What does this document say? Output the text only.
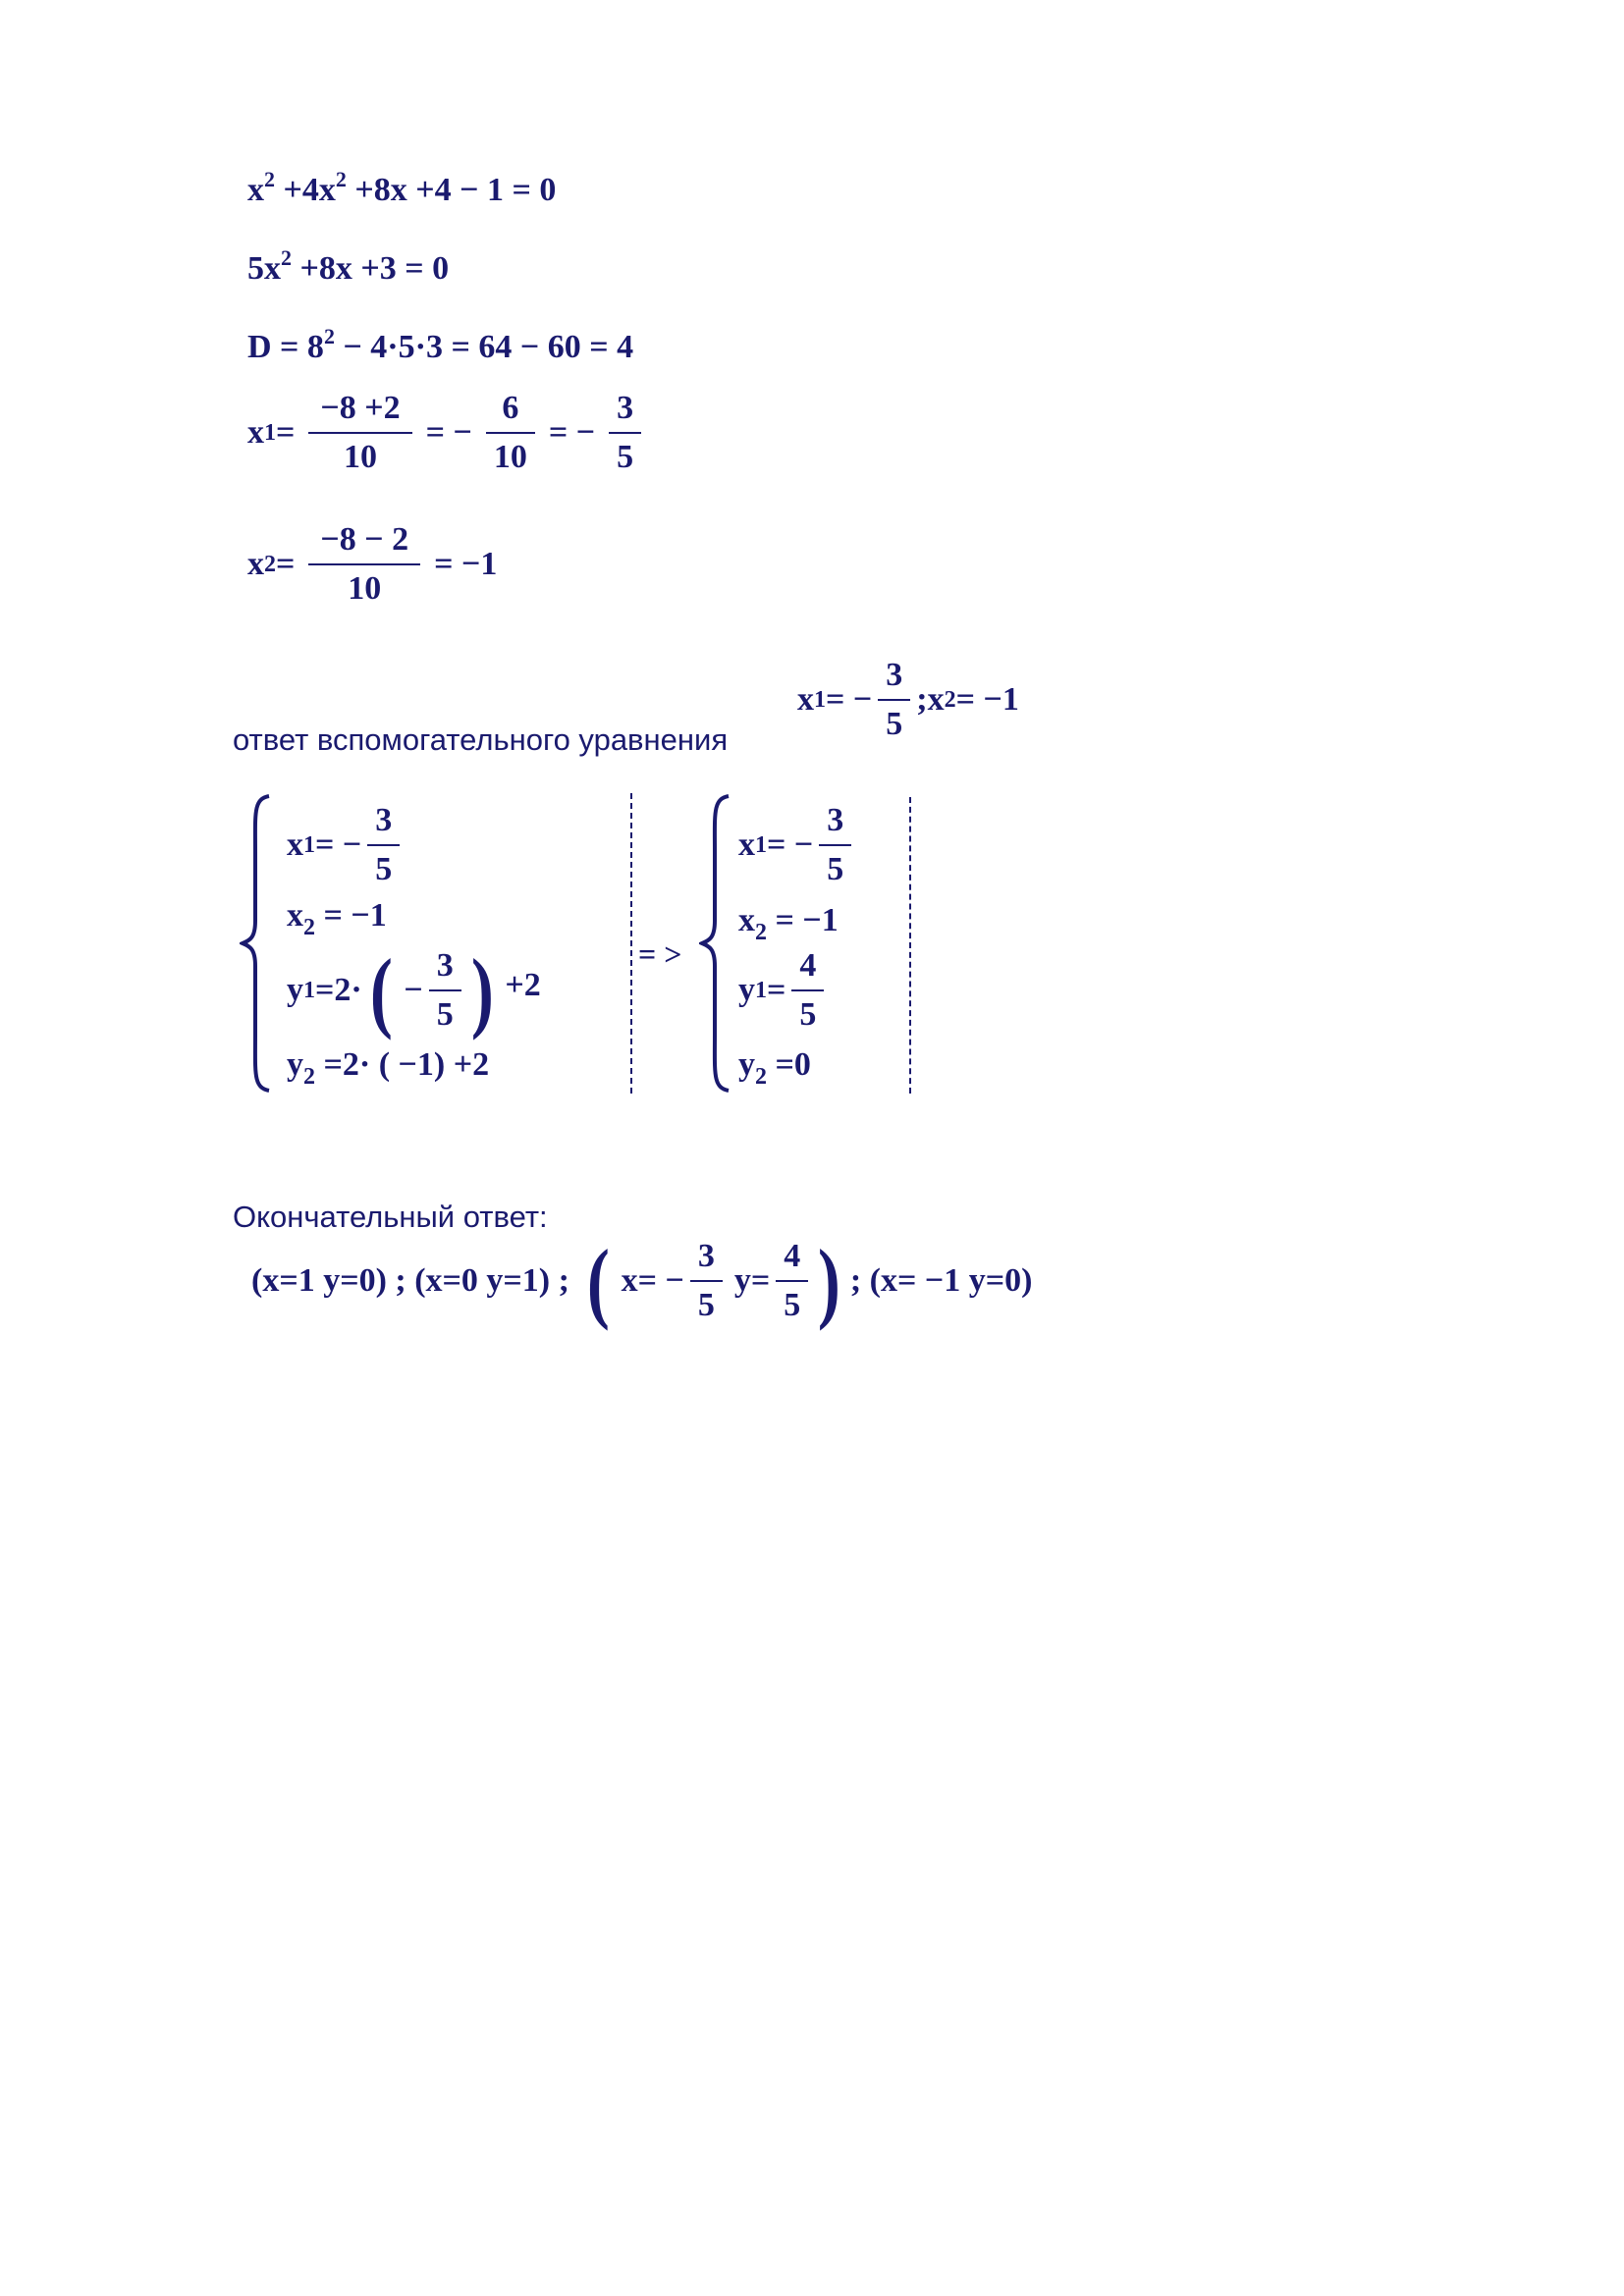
$x^2 +4x^2 +8x +4 - 1 = 0$
$5x^2 +8x +3 = 0$
$D = 8^2 - 4\cdot 5\cdot 3 = 64 - 60 = 4$
x $1 = \frac{-8 +2}{10}$ = − $\frac{6}{10}$ = − $\frac{3}{5}$
x $2 = \frac{-8 - 2}{10} = -1$
ответ вспомогательного уравнения
x 1 = − $\frac{3}{5}$ ; x 2 = −1
x 1 = − $\frac{3}{5}$
$x_2 = -1$
y 1 =2· ( − $\frac{3}{5}$ ) +2
$y_2 =2\cdot$ ( −1) +2
= >
x 1 = − $\frac{3}{5}$
$x_2 = -1$
y $1 = \frac{4}{5}$
$y_2 =0$
Окончательный ответ:
(x=1 y=0) ; (x=0 y=1) ; ( $x= - \frac{3}{5} y= \frac{4}{5}$ ) ; (x= −1 y=0)
